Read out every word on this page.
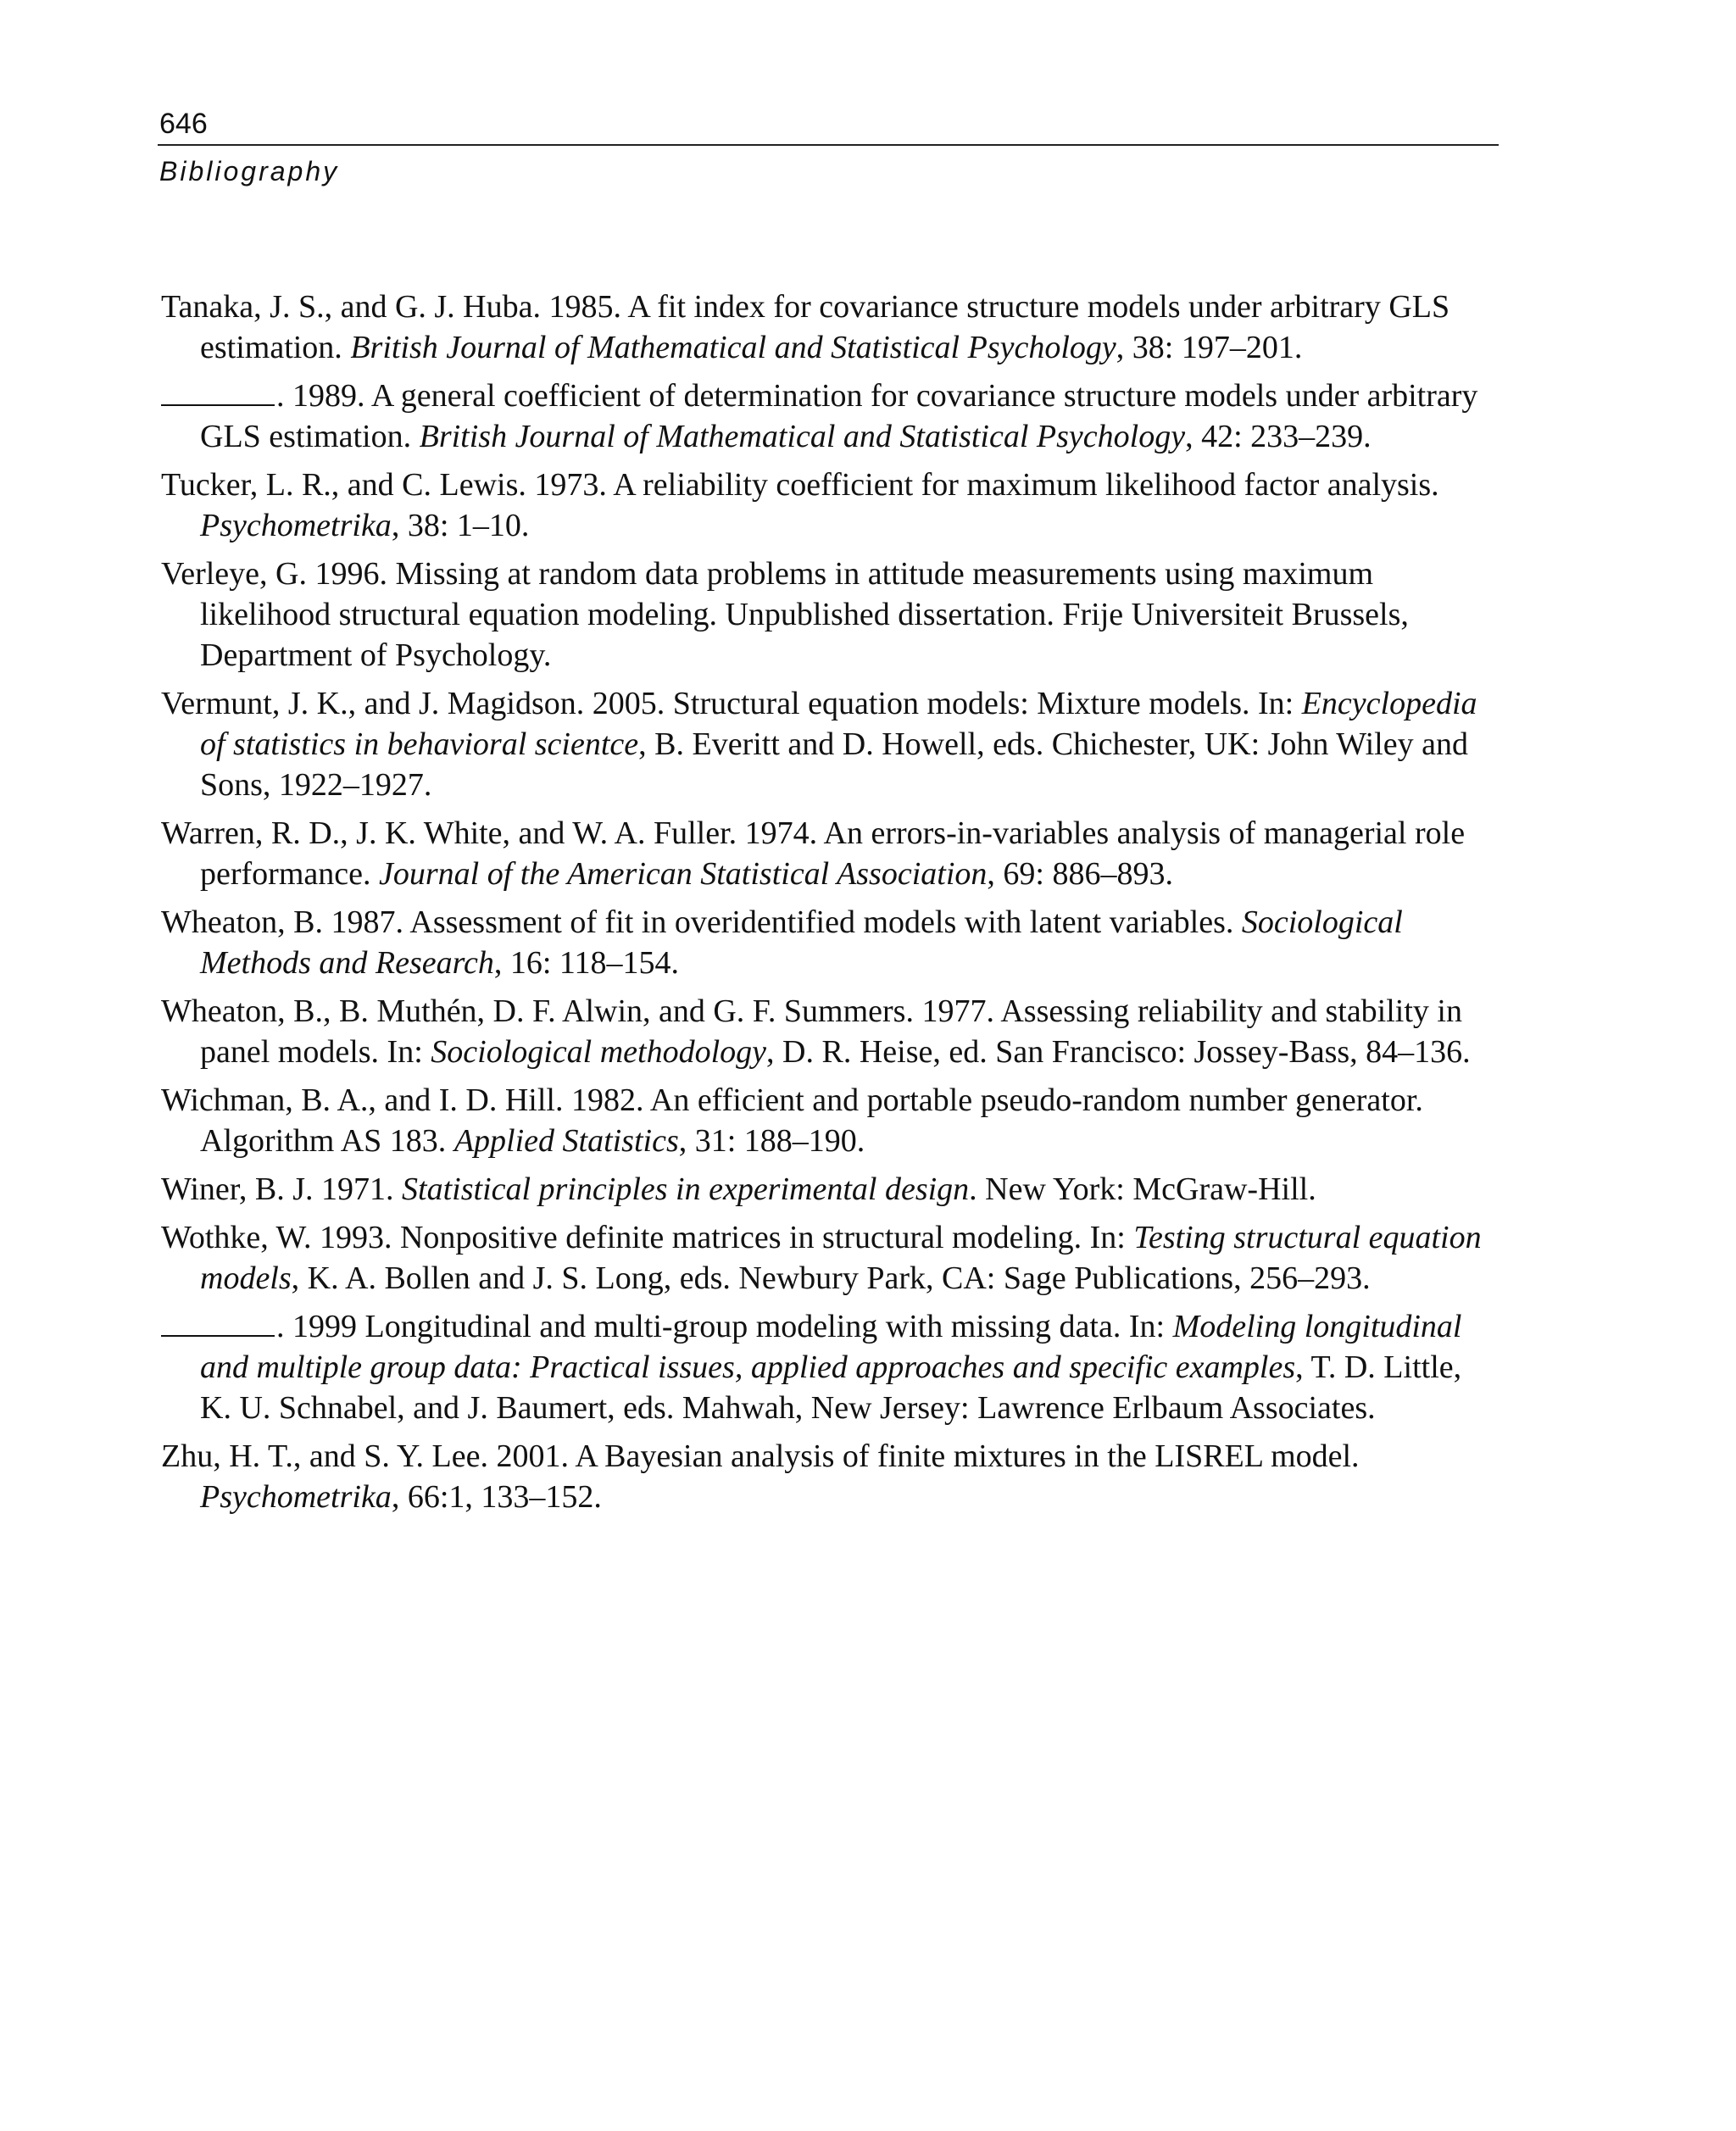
646
Bibliography
Tanaka, J. S., and G. J. Huba. 1985. A fit index for covariance structure models under arbitrary GLS estimation. British Journal of Mathematical and Statistical Psychology, 38: 197–201.
. 1989. A general coefficient of determination for covariance structure models under arbitrary GLS estimation. British Journal of Mathematical and Statistical Psychology, 42: 233–239.
Tucker, L. R., and C. Lewis. 1973. A reliability coefficient for maximum likelihood factor analysis. Psychometrika, 38: 1–10.
Verleye, G. 1996. Missing at random data problems in attitude measurements using maximum likelihood structural equation modeling. Unpublished dissertation. Frije Universiteit Brussels, Department of Psychology.
Vermunt, J. K., and J. Magidson. 2005. Structural equation models: Mixture models. In: Encyclopedia of statistics in behavioral scientce, B. Everitt and D. Howell, eds. Chichester, UK: John Wiley and Sons, 1922–1927.
Warren, R. D., J. K. White, and W. A. Fuller. 1974. An errors-in-variables analysis of managerial role performance. Journal of the American Statistical Association, 69: 886–893.
Wheaton, B. 1987. Assessment of fit in overidentified models with latent variables. Sociological Methods and Research, 16: 118–154.
Wheaton, B., B. Muthén, D. F. Alwin, and G. F. Summers. 1977. Assessing reliability and stability in panel models. In: Sociological methodology, D. R. Heise, ed. San Francisco: Jossey-Bass, 84–136.
Wichman, B. A., and I. D. Hill. 1982. An efficient and portable pseudo-random number generator. Algorithm AS 183. Applied Statistics, 31: 188–190.
Winer, B. J. 1971. Statistical principles in experimental design. New York: McGraw-Hill.
Wothke, W. 1993. Nonpositive definite matrices in structural modeling. In: Testing structural equation models, K. A. Bollen and J. S. Long, eds. Newbury Park, CA: Sage Publications, 256–293.
. 1999 Longitudinal and multi-group modeling with missing data. In: Modeling longitudinal and multiple group data: Practical issues, applied approaches and specific examples, T. D. Little, K. U. Schnabel, and J. Baumert, eds. Mahwah, New Jersey: Lawrence Erlbaum Associates.
Zhu, H. T., and S. Y. Lee. 2001. A Bayesian analysis of finite mixtures in the LISREL model. Psychometrika, 66:1, 133–152.
